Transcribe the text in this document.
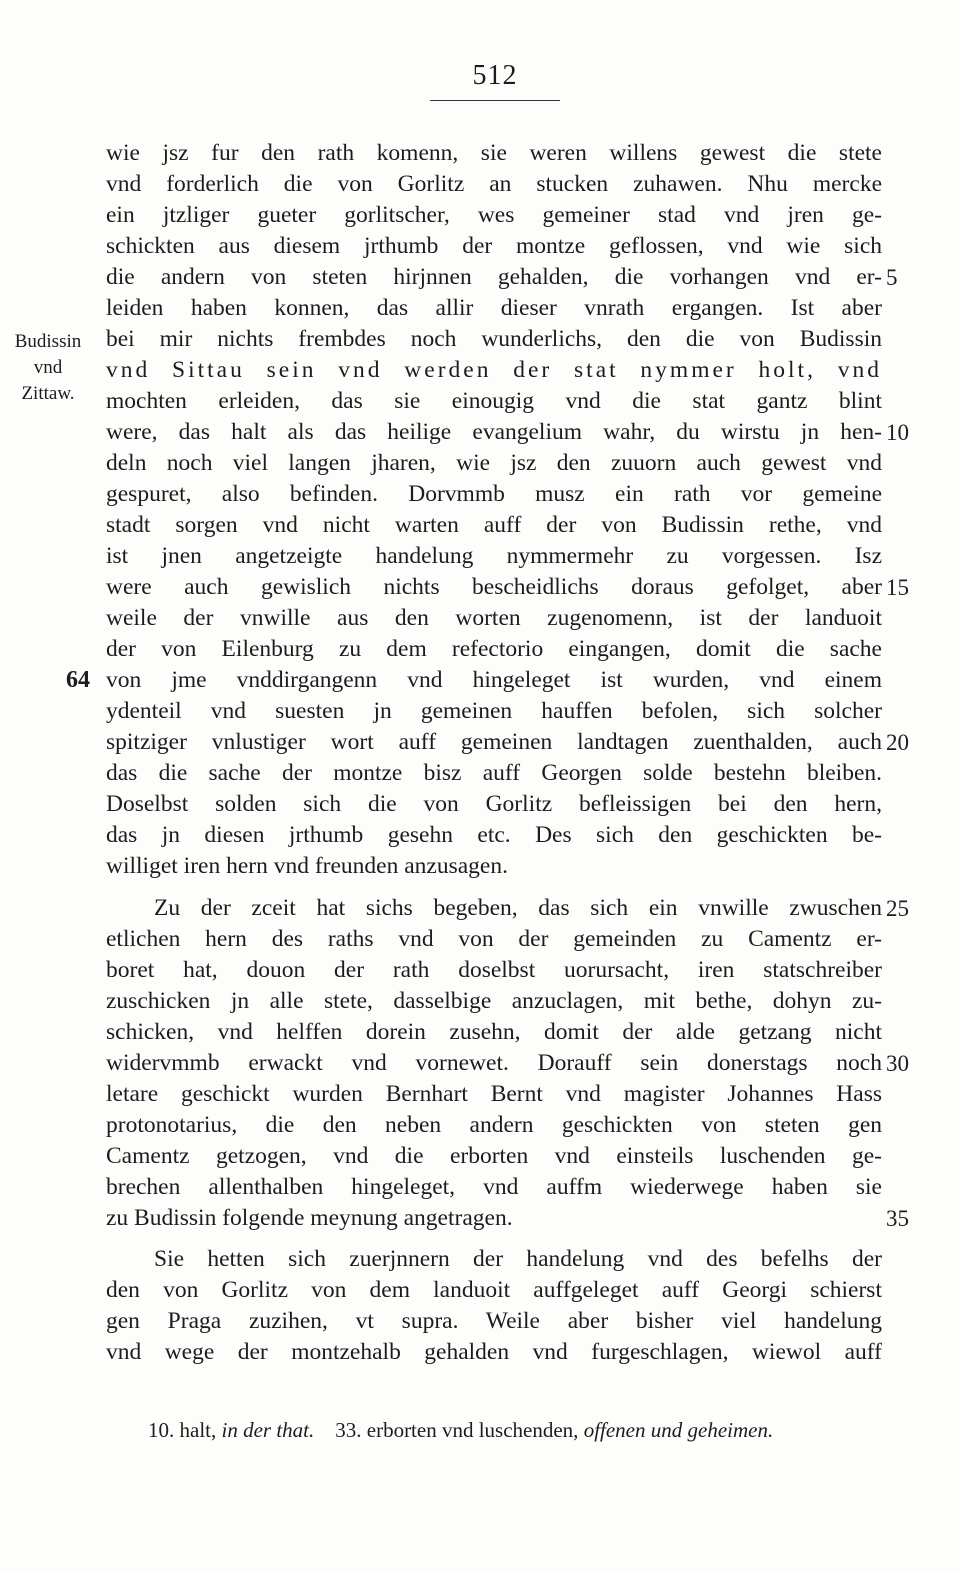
512
wie jsz fur den rath komenn, sie weren willens gewest die stete
vnd forderlich die von Gorlitz an stucken zuhawen. Nhu mercke
ein jtzliger gueter gorlitscher, wes gemeiner stad vnd jren ge-
schickten aus diesem jrthumb der montze geflossen, vnd wie sich
die andern von steten hirjnnen gehalden, die vorhangen vnd er-
leiden haben konnen, das allir dieser vnrath ergangen. Ist aber
bei mir nichts frembdes noch wunderlichs, den die von Budissin
vnd Sittau sein vnd werden der stat nymmer holt, vnd
mochten erleiden, das sie einougig vnd die stat gantz blint
were, das halt als das heilige evangelium wahr, du wirstu jn hen-
deln noch viel langen jharen, wie jsz den zuuorn auch gewest vnd
gespuret, also befinden. Dorvmmb musz ein rath vor gemeine
stadt sorgen vnd nicht warten auff der von Budissin rethe, vnd
ist jnen angetzeigte handelung nymmermehr zu vorgessen. Isz
were auch gewislich nichts bescheidlichs doraus gefolget, aber
weile der vnwille aus den worten zugenomenn, ist der landuoit
der von Eilenburg zu dem refectorio eingangen, domit die sache
von jme vnddirgangenn vnd hingeleget ist wurden, vnd einem
ydenteil vnd suesten jn gemeinen hauffen befolen, sich solcher
spitziger vnlustiger wort auff gemeinen landtagen zuenthalden, auch
das die sache der montze bisz auff Georgen solde bestehn bleiben.
Doselbst solden sich die von Gorlitz befleissigen bei den hern,
das jn diesen jrthumb gesehn etc. Des sich den geschickten be-
williget iren hern vnd freunden anzusagen.
Zu der zceit hat sichs begeben, das sich ein vnwille zwuschen
etlichen hern des raths vnd von der gemeinden zu Camentz er-
boret hat, douon der rath doselbst uorursacht, iren statschreiber
zuschicken jn alle stete, dasselbige anzuclagen, mit bethe, dohyn zu-
schicken, vnd helffen dorein zusehn, domit der alde getzang nicht
widervmmb erwackt vnd vornewet. Dorauff sein donerstags noch
letare geschickt wurden Bernhart Bernt vnd magister Johannes Hass
protonotarius, die den neben andern geschickten von steten gen
Camentz getzogen, vnd die erborten vnd einsteils luschenden ge-
brechen allenthalben hingeleget, vnd auffm wiederwege haben sie
zu Budissin folgende meynung angetragen.
Sie hetten sich zuerjnnern der handelung vnd des befelhs der
den von Gorlitz von dem landuoit auffgeleget auff Georgi schierst
gen Praga zuzihen, vt supra. Weile aber bisher viel handelung
vnd wege der montzehalb gehalden vnd furgeschlagen, wiewol auff
5
10
15
20
25
30
35
Budissin
vnd
Zittaw.
64
10. halt, in der that. 33. erborten vnd luschenden, offenen und geheimen.
